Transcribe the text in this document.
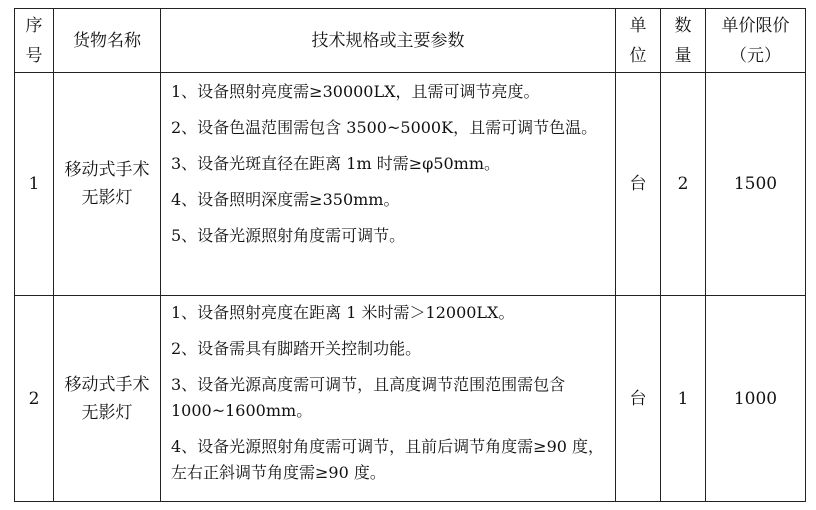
序号	货物名称	技术规格或主要参数	单位	数量	单价限价（元）
1	移动式手术无影灯	1、设备照射亮度需≥30000LX，且需可调节亮度。

2、设备色温范围需包含 3500~5000K，且需可调节色温。

3、设备光斑直径在距离 1m 时需≥φ50mm。

4、设备照明深度需≥350mm。

5、设备光源照射角度需可调节。	台	2	1500
2	移动式手术无影灯	1、设备照射亮度在距离 1 米时需＞12000LX。

2、设备需具有脚踏开关控制功能。

3、设备光源高度需可调节，且高度调节范围范围需包含 1000~1600mm。

4、设备光源照射角度需可调节，且前后调节角度需≥90 度，左右正斜调节角度需≥90 度。	台	1	1000
